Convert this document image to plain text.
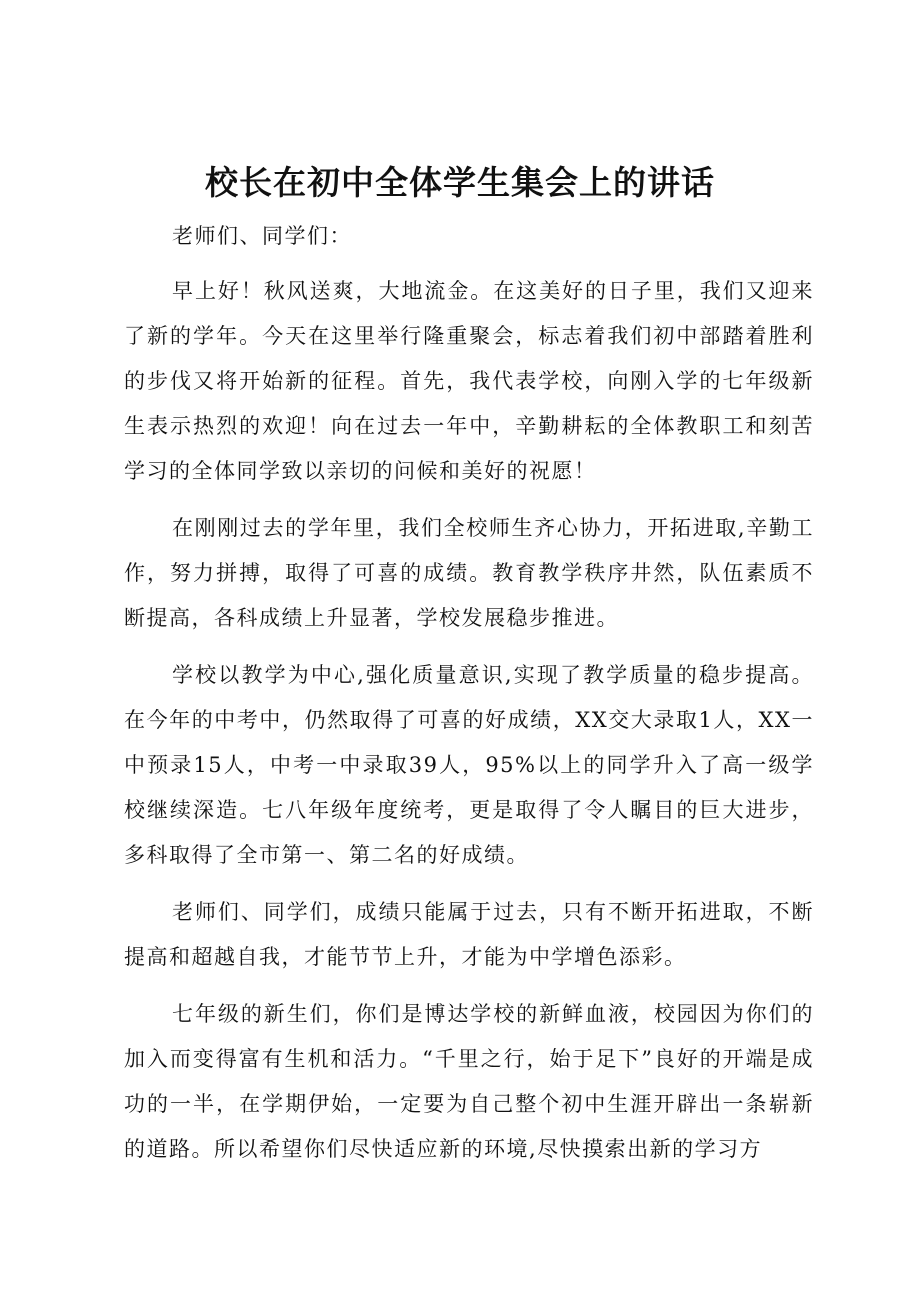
校长在初中全体学生集会上的讲话

老师们、同学们：

早上好！秋风送爽，大地流金。在这美好的日子里，我们又迎来了新的学年。今天在这里举行隆重聚会，标志着我们初中部踏着胜利的步伐又将开始新的征程。首先，我代表学校，向刚入学的七年级新生表示热烈的欢迎！向在过去一年中，辛勤耕耘的全体教职工和刻苦学习的全体同学致以亲切的问候和美好的祝愿！

在刚刚过去的学年里，我们全校师生齐心协力，开拓进取,辛勤工作，努力拼搏，取得了可喜的成绩。教育教学秩序井然，队伍素质不断提高，各科成绩上升显著，学校发展稳步推进。

学校以教学为中心,强化质量意识,实现了教学质量的稳步提高。在今年的中考中，仍然取得了可喜的好成绩，XX交大录取1人，XX一中预录15人，中考一中录取39人，95%以上的同学升入了高一级学校继续深造。七八年级年度统考，更是取得了令人瞩目的巨大进步，多科取得了全市第一、第二名的好成绩。

老师们、同学们，成绩只能属于过去，只有不断开拓进取，不断提高和超越自我，才能节节上升，才能为中学增色添彩。

七年级的新生们，你们是博达学校的新鲜血液，校园因为你们的加入而变得富有生机和活力。“千里之行，始于足下”良好的开端是成功的一半，在学期伊始，一定要为自己整个初中生涯开辟出一条崭新的道路。所以希望你们尽快适应新的环境,尽快摸索出新的学习方
